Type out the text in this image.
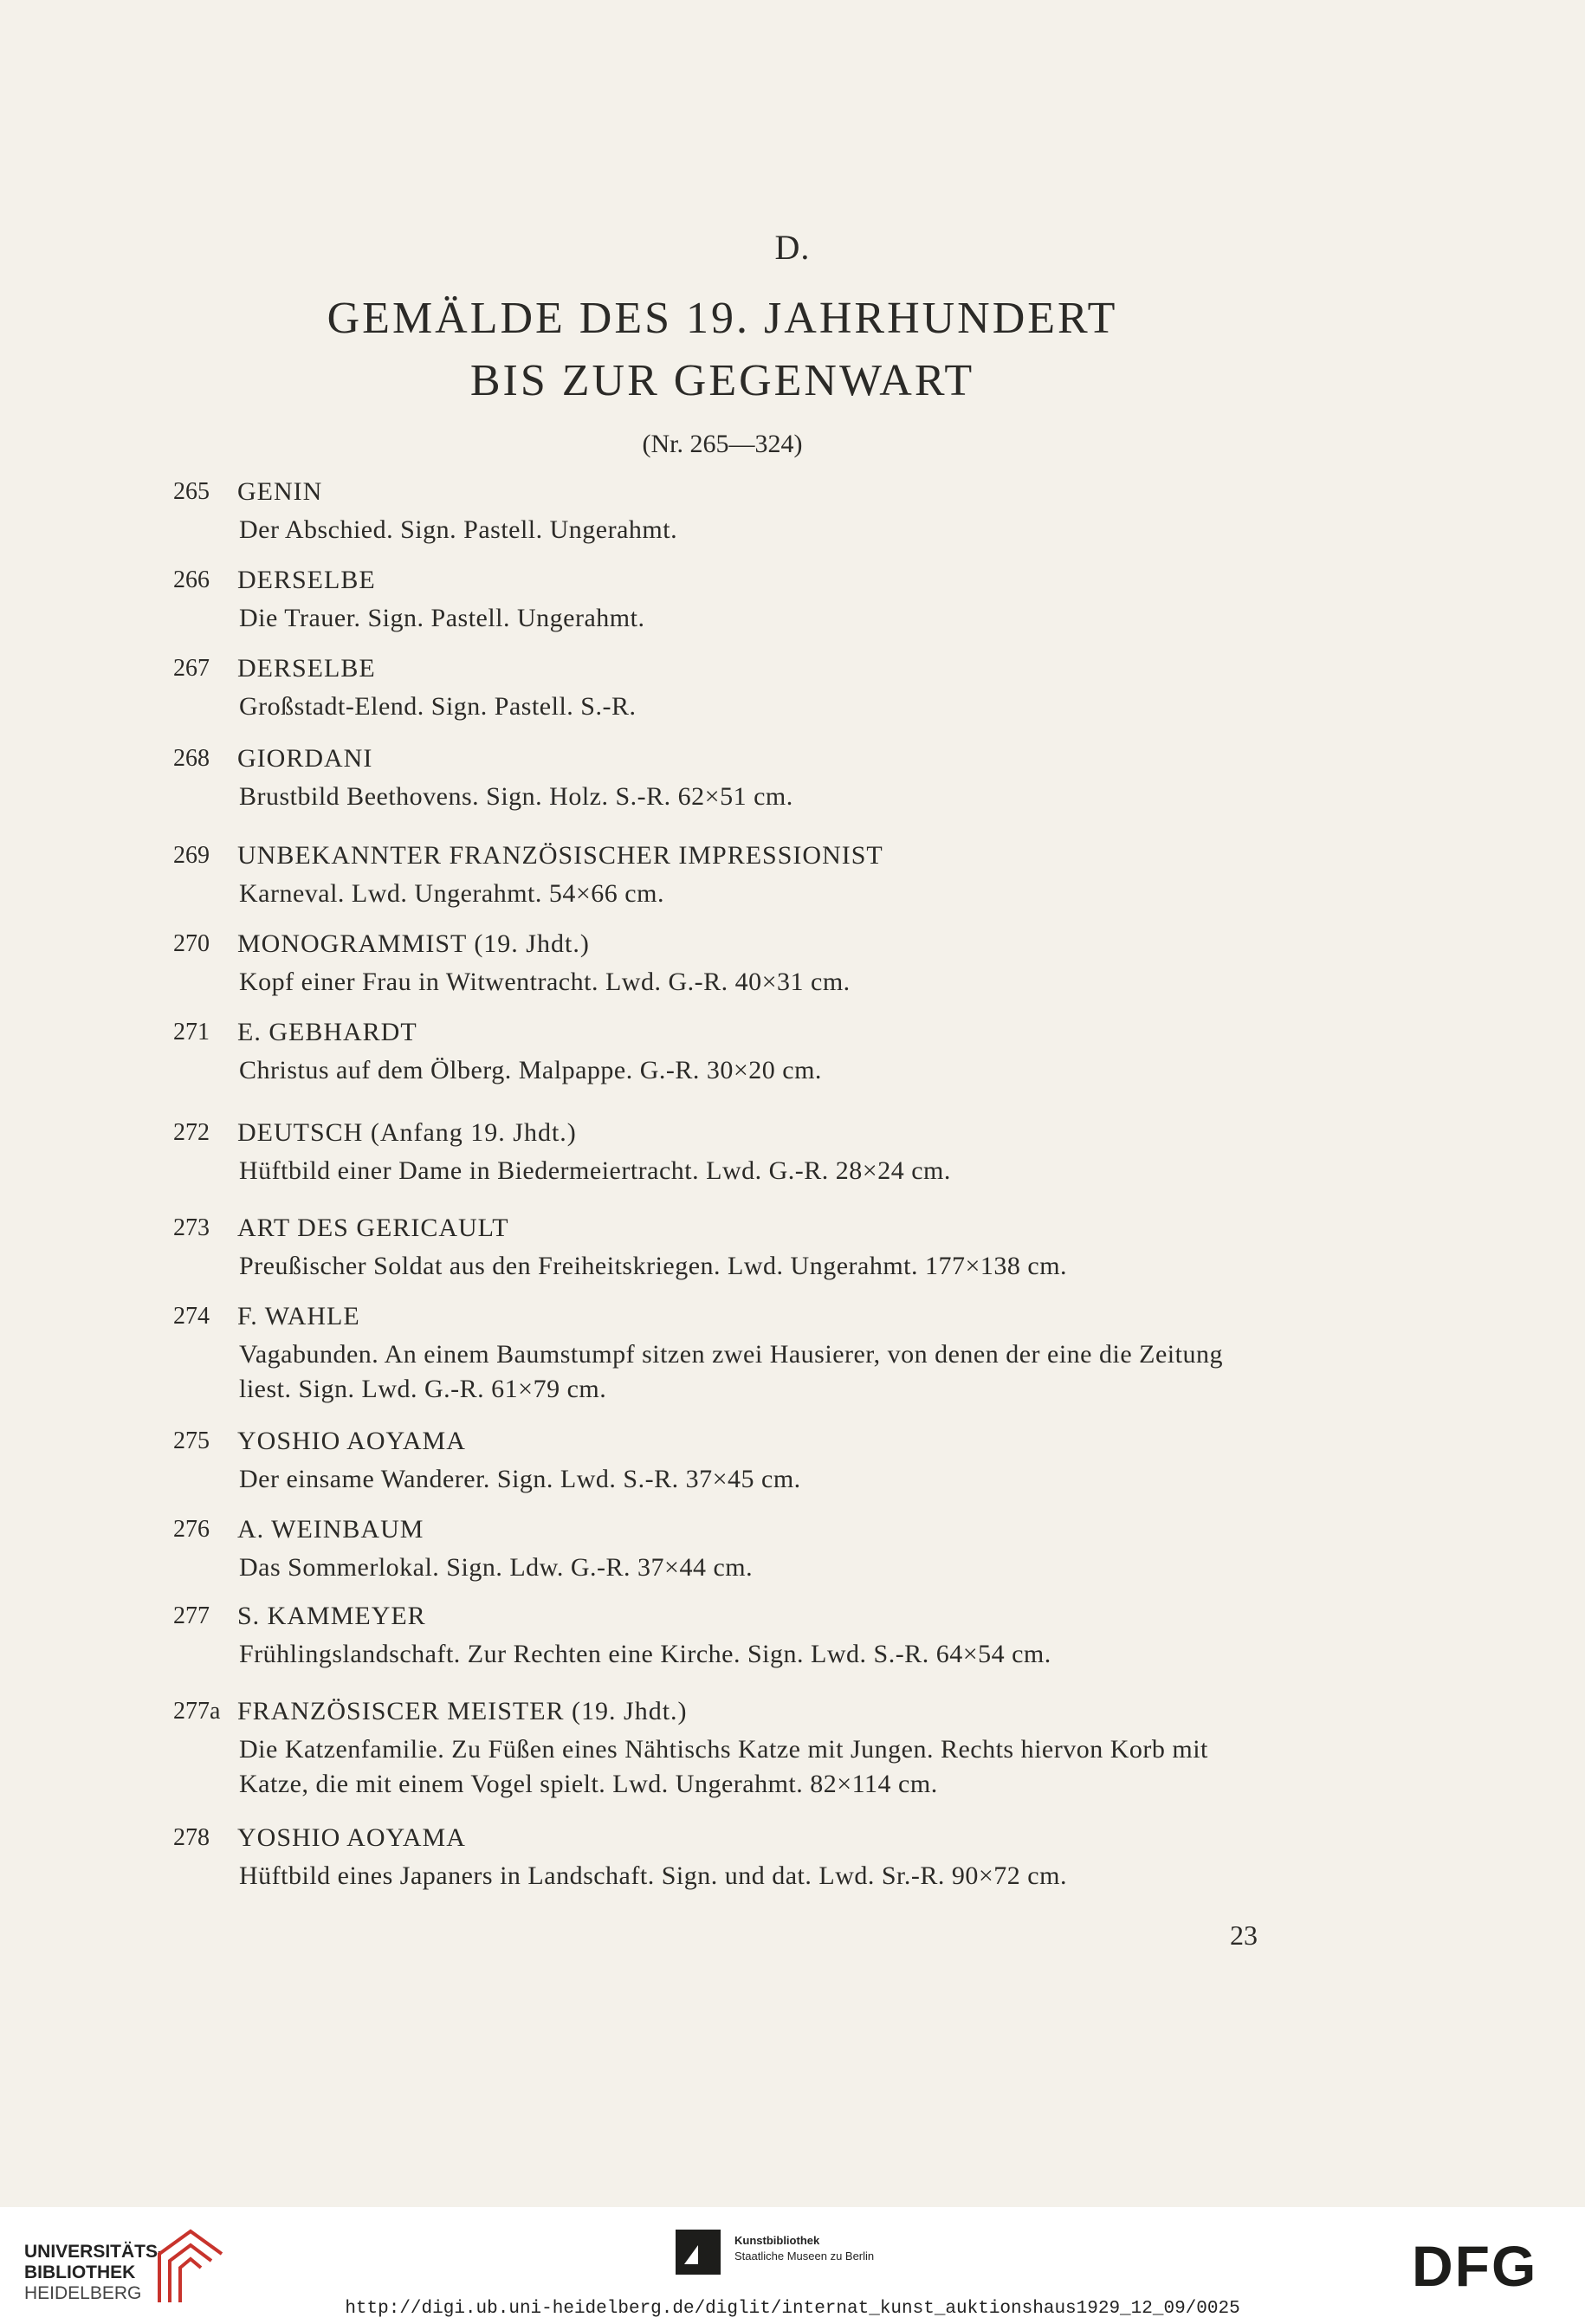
D.
GEMÄLDE DES 19. JAHRHUNDERT
BIS ZUR GEGENWART
(Nr. 265—324)
265	GENIN
Der Abschied. Sign. Pastell. Ungerahmt.
266	DERSELBE
Die Trauer. Sign. Pastell. Ungerahmt.
267	DERSELBE
Großstadt-Elend. Sign. Pastell. S.-R.
268	GIORDANI
Brustbild Beethovens. Sign. Holz. S.-R. 62×51 cm.
269	UNBEKANNTER FRANZÖSISCHER IMPRESSIONIST
Karneval. Lwd. Ungerahmt. 54×66 cm.
270	MONOGRAMMIST (19. Jhdt.)
Kopf einer Frau in Witwentracht. Lwd. G.-R. 40×31 cm.
271	E. GEBHARDT
Christus auf dem Ölberg. Malpappe. G.-R. 30×20 cm.
272	DEUTSCH (Anfang 19. Jhdt.)
Hüftbild einer Dame in Biedermeiertracht. Lwd. G.-R. 28×24 cm.
273	ART DES GERICAULT
Preußischer Soldat aus den Freiheitskriegen. Lwd. Ungerahmt. 177×138 cm.
274	F. WAHLE
Vagabunden. An einem Baumstumpf sitzen zwei Hausierer, von denen der eine die Zeitung liest. Sign. Lwd. G.-R. 61×79 cm.
275	YOSHIO AOYAMA
Der einsame Wanderer. Sign. Lwd. S.-R. 37×45 cm.
276	A. WEINBAUM
Das Sommerlokal. Sign. Ldw. G.-R. 37×44 cm.
277	S. KAMMEYER
Frühlingslandschaft. Zur Rechten eine Kirche. Sign. Lwd. S.-R. 64×54 cm.
277a FRANZÖSISCER MEISTER (19. Jhdt.)
Die Katzenfamilie. Zu Füßen eines Nähtischs Katze mit Jungen. Rechts hiervon Korb mit Katze, die mit einem Vogel spielt. Lwd. Ungerahmt. 82×114 cm.
278	YOSHIO AOYAMA
Hüftbild eines Japaners in Landschaft. Sign. und dat. Lwd. Sr.-R. 90×72 cm.
23
UNIVERSITÄTS-
BIBLIOTHEK
HEIDELBERG
Kunstbibliothek
Staatliche Museen zu Berlin	DFG
http://digi.ub.uni-heidelberg.de/diglit/internat_kunst_auktionshaus1929_12_09/0025
